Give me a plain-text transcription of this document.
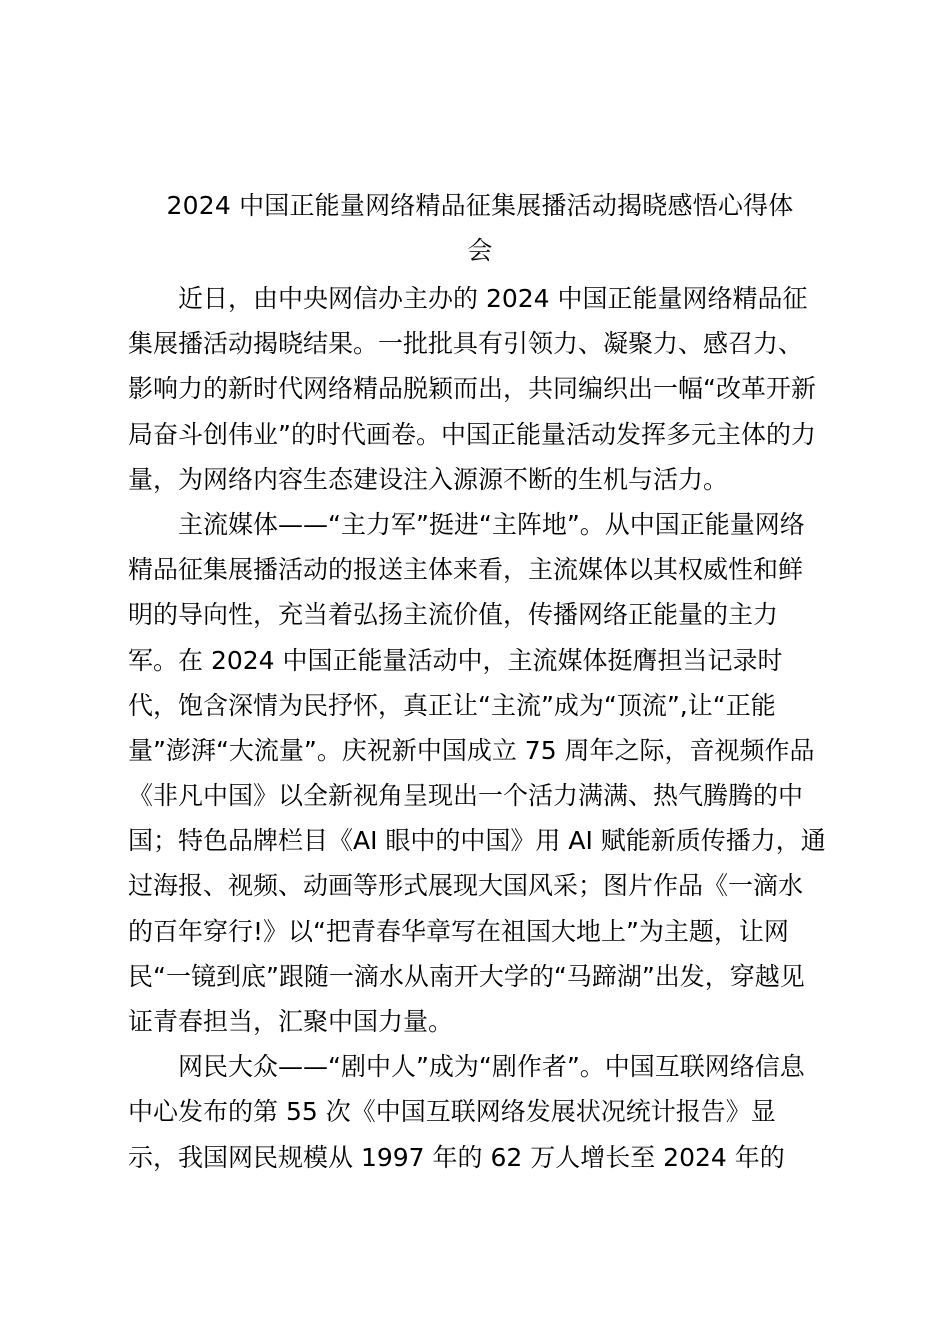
2024 中国正能量网络精品征集展播活动揭晓感悟心得体
会
近日，由中央网信办主办的 2024 中国正能量网络精品征
集展播活动揭晓结果。一批批具有引领力、凝聚力、感召力、
影响力的新时代网络精品脱颖而出，共同编织出一幅“改革开新
局奋斗创伟业”的时代画卷。中国正能量活动发挥多元主体的力
量，为网络内容生态建设注入源源不断的生机与活力。
主流媒体——“主力军”挺进“主阵地”。从中国正能量网络
精品征集展播活动的报送主体来看，主流媒体以其权威性和鲜
明的导向性，充当着弘扬主流价值，传播网络正能量的主力
军。在 2024 中国正能量活动中，主流媒体挺膺担当记录时
代，饱含深情为民抒怀，真正让“主流”成为“顶流”,让“正能
量”澎湃“大流量”。庆祝新中国成立 75 周年之际，音视频作品
《非凡中国》以全新视角呈现出一个活力满满、热气腾腾的中
国；特色品牌栏目《AI 眼中的中国》用 AI 赋能新质传播力，通
过海报、视频、动画等形式展现大国风采；图片作品《一滴水
的百年穿行!》以“把青春华章写在祖国大地上”为主题，让网
民“一镜到底”跟随一滴水从南开大学的“马蹄湖”出发，穿越见
证青春担当，汇聚中国力量。
网民大众——“剧中人”成为“剧作者”。中国互联网络信息
中心发布的第 55 次《中国互联网络发展状况统计报告》显
示，我国网民规模从 1997 年的 62 万人增长至 2024 年的
